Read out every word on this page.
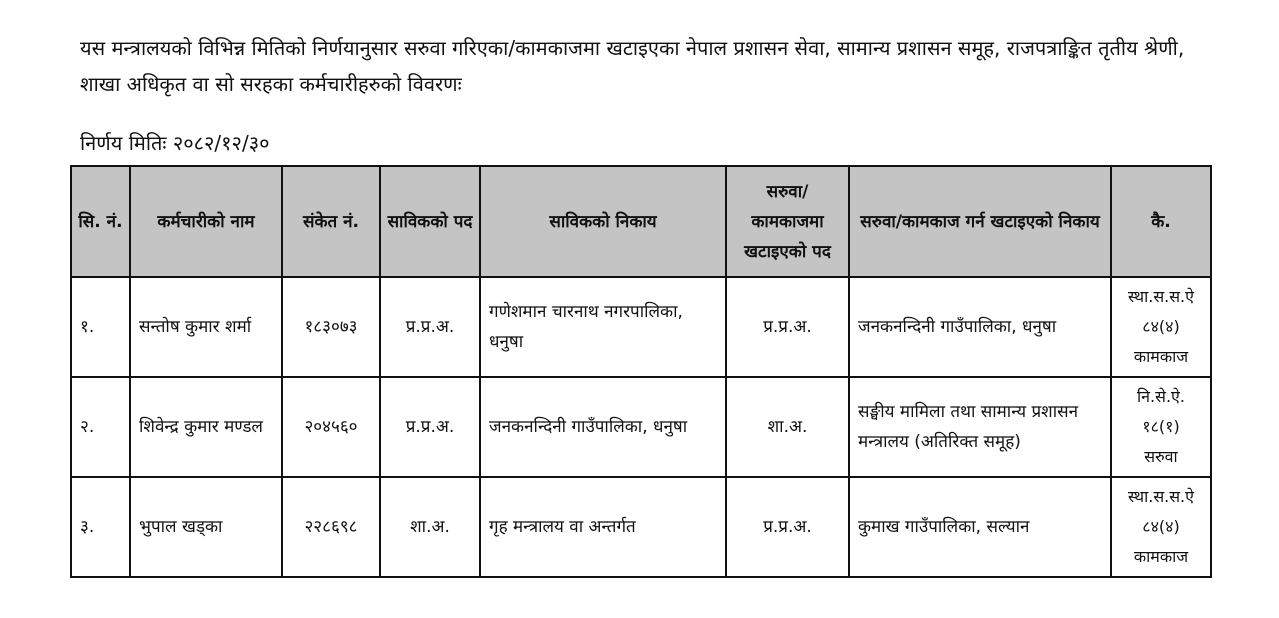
यस मन्त्रालयको विभिन्न मितिको निर्णयानुसार सरुवा गरिएका/कामकाजमा खटाइएका नेपाल प्रशासन सेवा, सामान्य प्रशासन समूह, राजपत्राङ्कित तृतीय श्रेणी, शाखा अधिकृत वा सो सरहका कर्मचारीहरुको विवरणः

निर्णय मितिः २०८२/१२/३०

सि. नं.	कर्मचारीको नाम	संकेत नं.	साविकको पद	साविकको निकाय	सरुवा/ कामकाजमा खटाइएको पद	सरुवा/कामकाज गर्न खटाइएको निकाय	कै.
१.	सन्तोष कुमार शर्मा	१८३०७३	प्र.प्र.अ.	गणेशमान चारनाथ नगरपालिका, धनुषा	प्र.प्र.अ.	जनकनन्दिनी गाउँपालिका, धनुषा	स्था.स.स.ऐ
८४(४)
कामकाज

२.	शिवेन्द्र कुमार मण्डल	२०४५६०	प्र.प्र.अ.	जनकनन्दिनी गाउँपालिका, धनुषा	शा.अ.	सङ्घीय मामिला तथा सामान्य प्रशासन मन्त्रालय (अतिरिक्त समूह)	नि.से.ऐ.
१८(१)
सरुवा

३.	भुपाल खड्का	२२८६९८	शा.अ.	गृह मन्त्रालय वा अन्तर्गत	प्र.प्र.अ.	कुमाख गाउँपालिका, सल्यान	स्था.स.स.ऐ
८४(४)
कामकाज
